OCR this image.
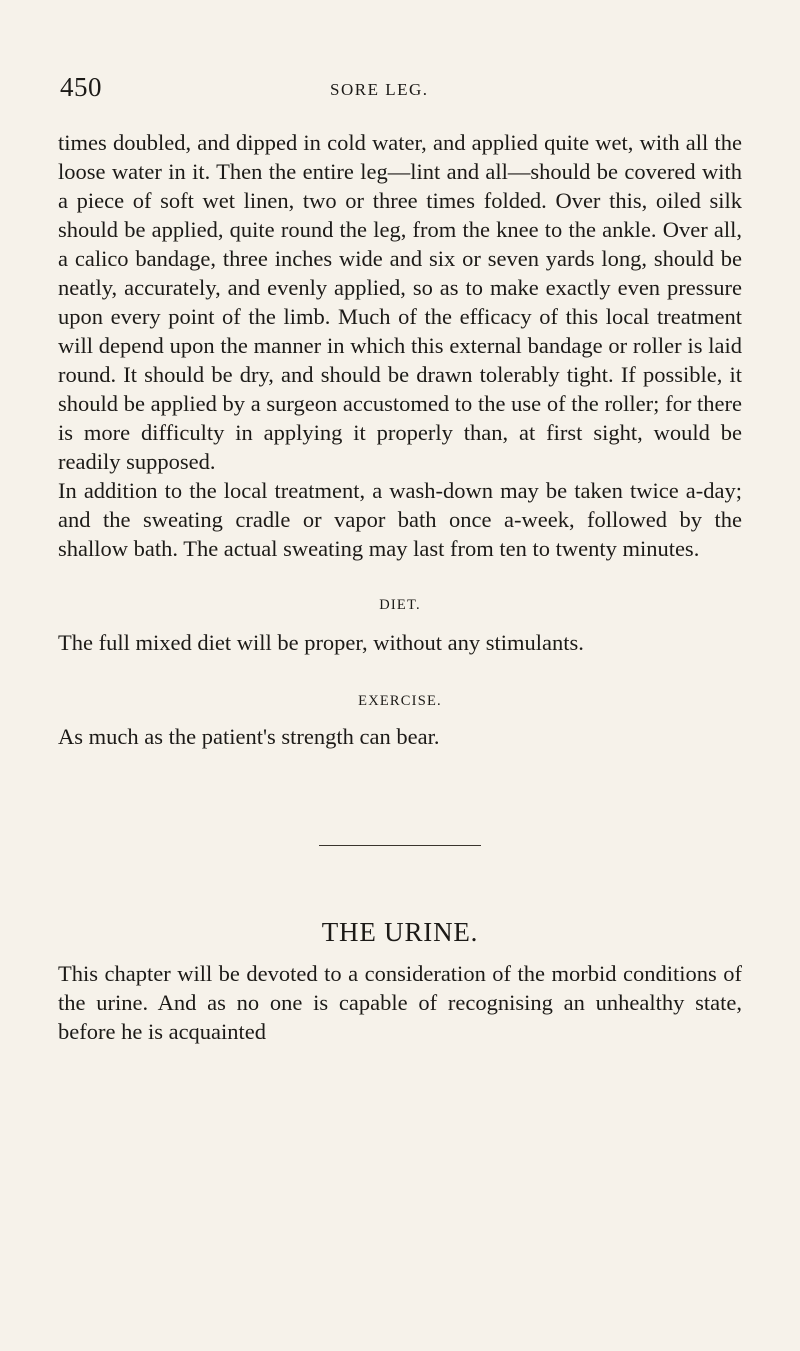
450	SORE LEG.

times doubled, and dipped in cold water, and applied quite wet, with all the loose water in it. Then the entire leg—lint and all—should be covered with a piece of soft wet linen, two or three times folded. Over this, oiled silk should be applied, quite round the leg, from the knee to the ankle. Over all, a calico bandage, three inches wide and six or seven yards long, should be neatly, accurately, and evenly applied, so as to make exactly even pressure upon every point of the limb. Much of the efficacy of this local treatment will depend upon the manner in which this external bandage or roller is laid round. It should be dry, and should be drawn tolerably tight. If possible, it should be applied by a surgeon accustomed to the use of the roller; for there is more difficulty in applying it properly than, at first sight, would be readily supposed.

In addition to the local treatment, a wash-down may be taken twice a-day; and the sweating cradle or vapor bath once a-week, followed by the shallow bath. The actual sweating may last from ten to twenty minutes.

DIET.

The full mixed diet will be proper, without any stimulants.

EXERCISE.

As much as the patient's strength can bear.

THE URINE.

This chapter will be devoted to a consideration of the morbid conditions of the urine. And as no one is capable of recognising an unhealthy state, before he is acquainted
